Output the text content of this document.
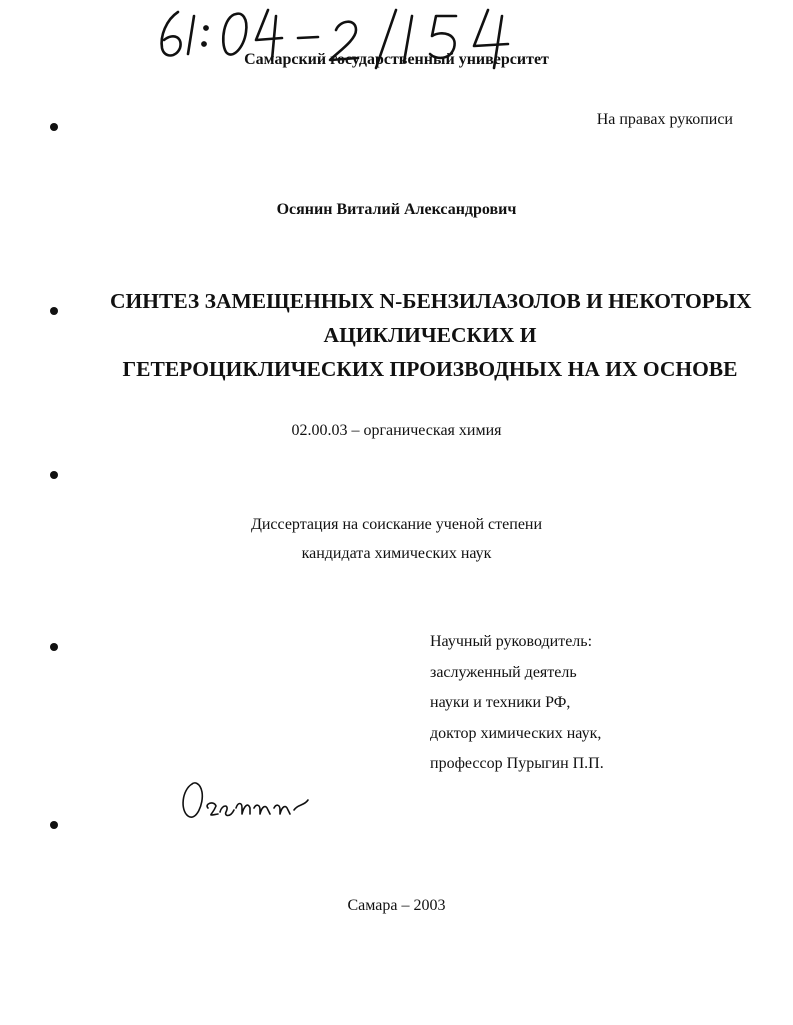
Самарский государственный университет
На правах рукописи
Осянин Виталий Александрович
СИНТЕЗ ЗАМЕЩЕННЫХ N-БЕНЗИЛАЗОЛОВ И НЕКОТОРЫХ
АЦИКЛИЧЕСКИХ И
ГЕТЕРОЦИКЛИЧЕСКИХ ПРОИЗВОДНЫХ НА ИХ ОСНОВЕ
02.00.03 – органическая химия
Диссертация на соискание ученой степени
кандидата химических наук
Научный руководитель:
заслуженный деятель
науки и техники РФ,
доктор химических наук,
профессор Пурыгин П.П.
Самара – 2003
